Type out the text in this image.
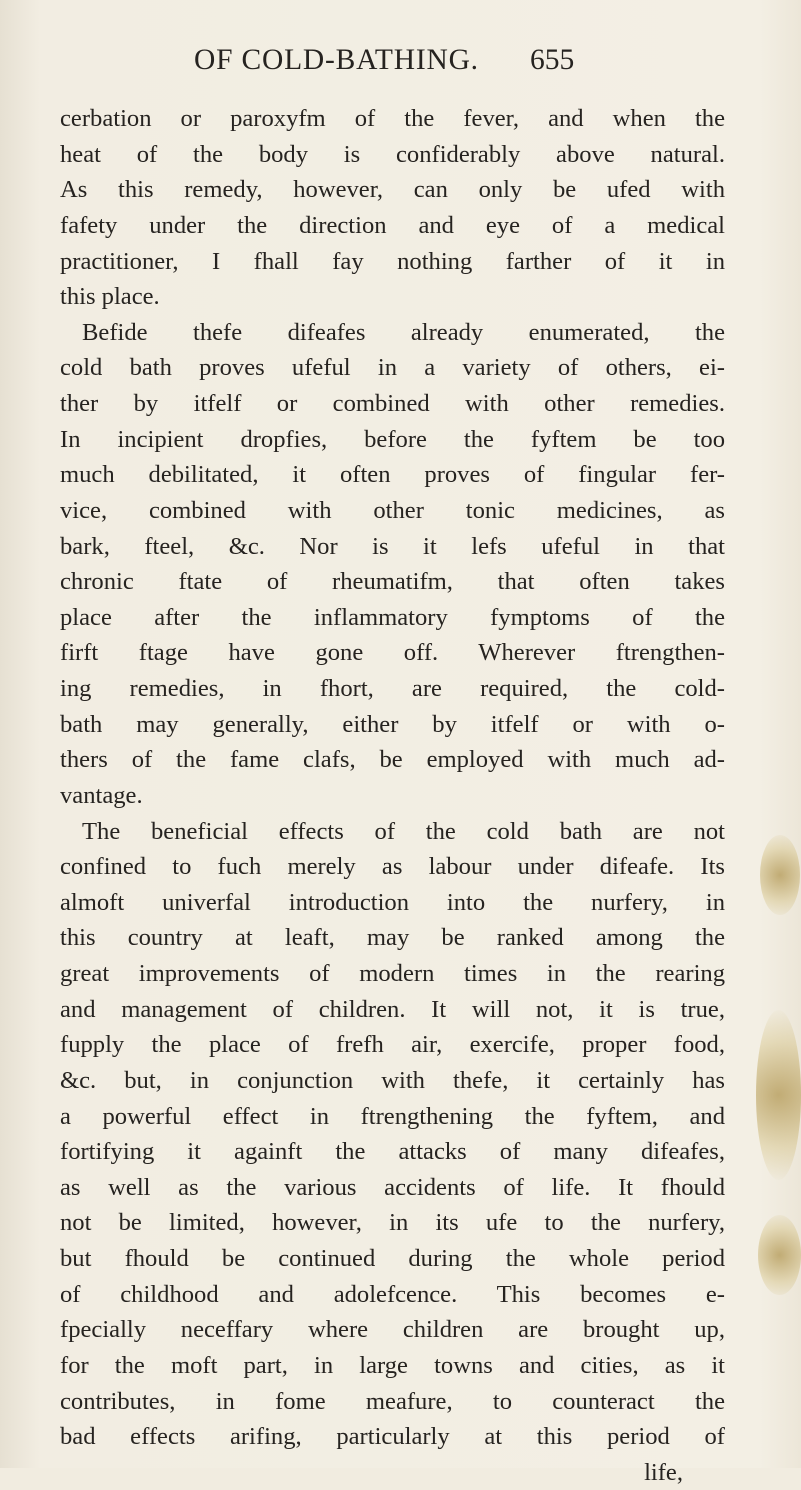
OF COLD-BATHING. 655
cerbation or paroxyfm of the fever, and when the
heat of the body is confiderably above natural.
As this remedy, however, can only be ufed with
fafety under the direction and eye of a medical
practitioner, I fhall fay nothing farther of it in
this place.
Befide thefe difeafes already enumerated, the
cold bath proves ufeful in a variety of others, ei-
ther by itfelf or combined with other remedies.
In incipient dropfies, before the fyftem be too
much debilitated, it often proves of fingular fer-
vice, combined with other tonic medicines, as
bark, fteel, &c. Nor is it lefs ufeful in that
chronic ftate of rheumatifm, that often takes
place after the inflammatory fymptoms of the
firft ftage have gone off. Wherever ftrengthen-
ing remedies, in fhort, are required, the cold-
bath may generally, either by itfelf or with o-
thers of the fame clafs, be employed with much ad-
vantage.
The beneficial effects of the cold bath are not
confined to fuch merely as labour under difeafe. Its
almoft univerfal introduction into the nurfery, in
this country at leaft, may be ranked among the
great improvements of modern times in the rearing
and management of children. It will not, it is true,
fupply the place of frefh air, exercife, proper food,
&c. but, in conjunction with thefe, it certainly has
a powerful effect in ftrengthening the fyftem, and
fortifying it againft the attacks of many difeafes,
as well as the various accidents of life. It fhould
not be limited, however, in its ufe to the nurfery,
but fhould be continued during the whole period
of childhood and adolefcence. This becomes e-
fpecially neceffary where children are brought up,
for the moft part, in large towns and cities, as it
contributes, in fome meafure, to counteract the
bad effects arifing, particularly at this period of
life,
